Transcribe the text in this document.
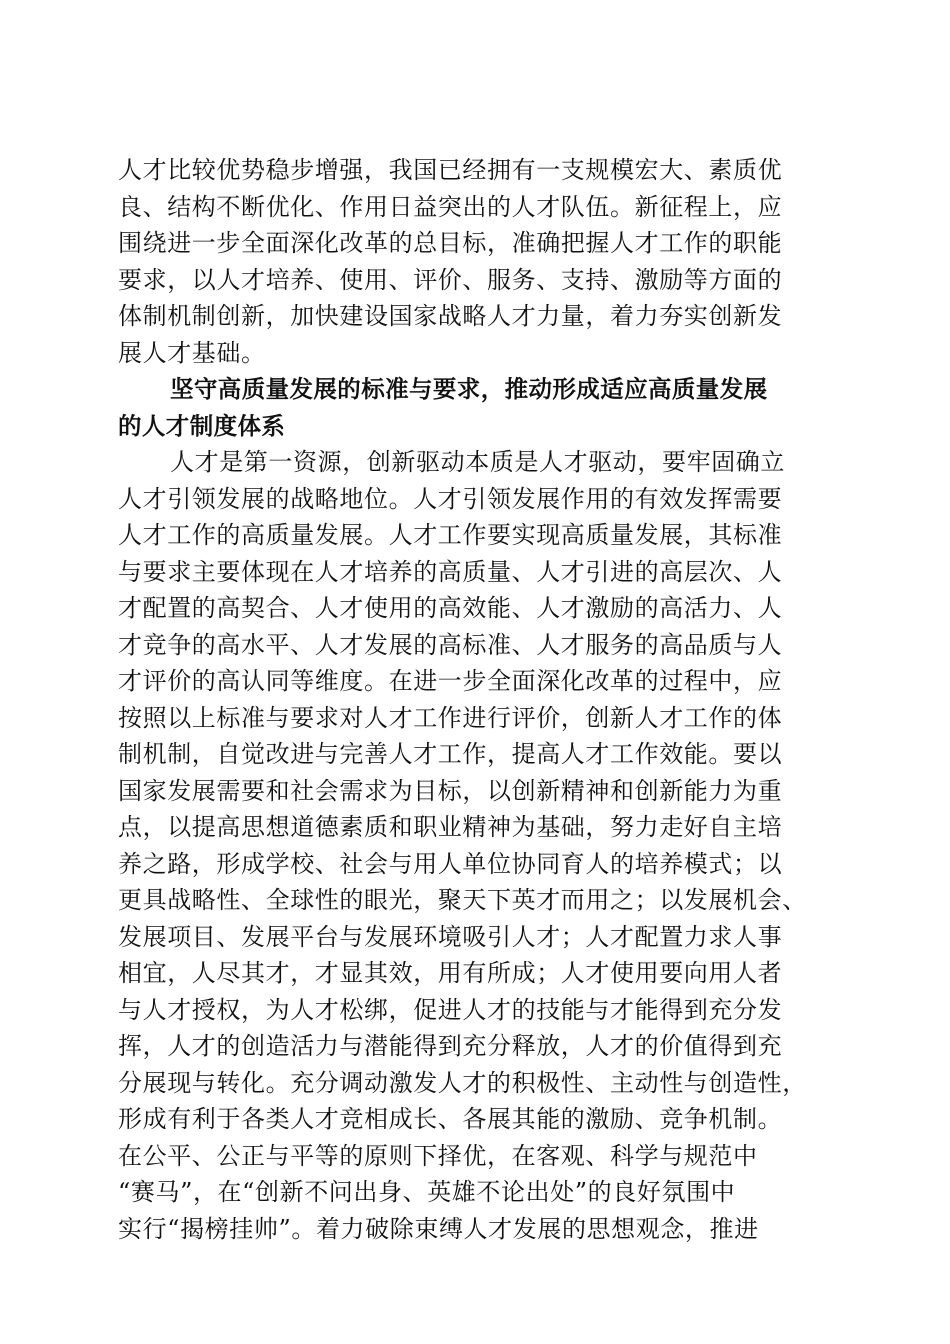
人才比较优势稳步增强，我国已经拥有一支规模宏大、素质优
良、结构不断优化、作用日益突出的人才队伍。新征程上，应
围绕进一步全面深化改革的总目标，准确把握人才工作的职能
要求，以人才培养、使用、评价、服务、支持、激励等方面的
体制机制创新，加快建设国家战略人才力量，着力夯实创新发
展人才基础。
坚守高质量发展的标准与要求，推动形成适应高质量发展
的人才制度体系
人才是第一资源，创新驱动本质是人才驱动，要牢固确立
人才引领发展的战略地位。人才引领发展作用的有效发挥需要
人才工作的高质量发展。人才工作要实现高质量发展，其标准
与要求主要体现在人才培养的高质量、人才引进的高层次、人
才配置的高契合、人才使用的高效能、人才激励的高活力、人
才竞争的高水平、人才发展的高标准、人才服务的高品质与人
才评价的高认同等维度。在进一步全面深化改革的过程中，应
按照以上标准与要求对人才工作进行评价，创新人才工作的体
制机制，自觉改进与完善人才工作，提高人才工作效能。要以
国家发展需要和社会需求为目标，以创新精神和创新能力为重
点，以提高思想道德素质和职业精神为基础，努力走好自主培
养之路，形成学校、社会与用人单位协同育人的培养模式；以
更具战略性、全球性的眼光，聚天下英才而用之；以发展机会、
发展项目、发展平台与发展环境吸引人才；人才配置力求人事
相宜，人尽其才，才显其效，用有所成；人才使用要向用人者
与人才授权，为人才松绑，促进人才的技能与才能得到充分发
挥，人才的创造活力与潜能得到充分释放，人才的价值得到充
分展现与转化。充分调动激发人才的积极性、主动性与创造性，
形成有利于各类人才竞相成长、各展其能的激励、竞争机制。
在公平、公正与平等的原则下择优，在客观、科学与规范中
“赛马”，在“创新不问出身、英雄不论出处”的良好氛围中
实行“揭榜挂帅”。着力破除束缚人才发展的思想观念，推进
